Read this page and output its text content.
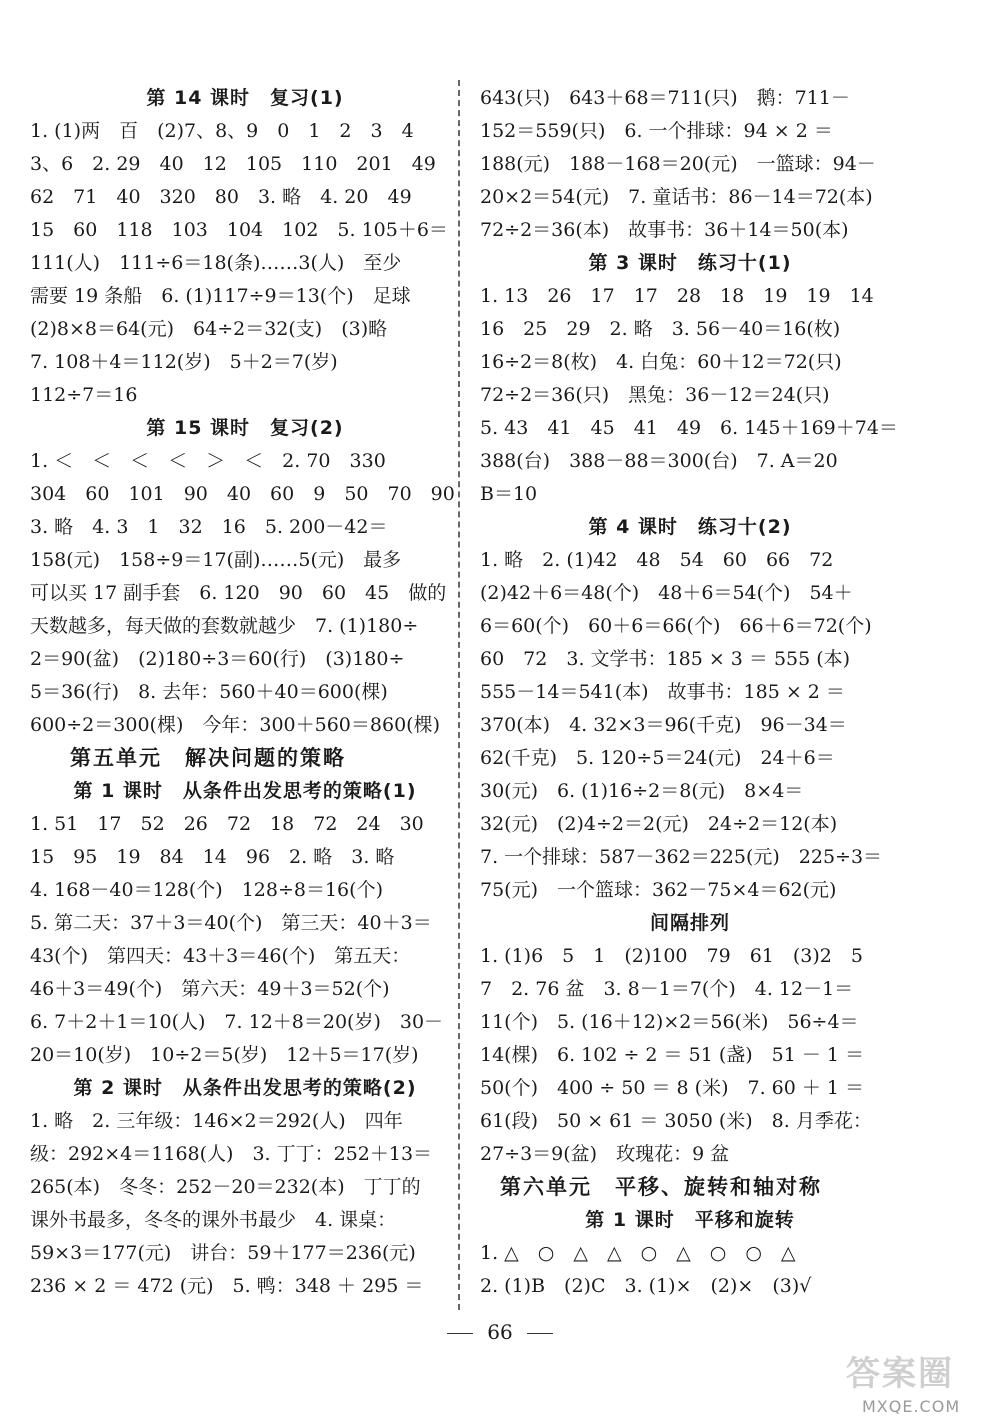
第 14 课时　复习(1)
1. (1)两　百　(2)7、8、9　0　1　2　3　4
3、6　2. 29　40　12　105　110　201　49
62　71　40　320　80　3. 略　4. 20　49
15　60　118　103　104　102　5. 105＋6＝
111(人)　111÷6＝18(条)……3(人)　至少
需要 19 条船　6. (1)117÷9＝13(个)　足球
(2)8×8＝64(元)　64÷2＝32(支)　(3)略
7. 108＋4＝112(岁)　5＋2＝7(岁)
112÷7＝16
第 15 课时　复习(2)
1. ＜　＜　＜　＜　＞　＜　2. 70　330
304　60　101　90　40　60　9　50　70　90
3. 略　4. 3　1　32　16　5. 200－42＝
158(元)　158÷9＝17(副)……5(元)　最多
可以买 17 副手套　6. 120　90　60　45　做的
天数越多，每天做的套数就越少　7. (1)180÷
2＝90(盆)　(2)180÷3＝60(行)　(3)180÷
5＝36(行)　8. 去年：560＋40＝600(棵)
600÷2＝300(棵)　今年：300＋560＝860(棵)
第五单元　解决问题的策略
第 1 课时　从条件出发思考的策略(1)
1. 51　17　52　26　72　18　72　24　30
15　95　19　84　14　96　2. 略　3. 略
4. 168－40＝128(个)　128÷8＝16(个)
5. 第二天：37＋3＝40(个)　第三天：40＋3＝
43(个)　第四天：43＋3＝46(个)　第五天：
46＋3＝49(个)　第六天：49＋3＝52(个)
6. 7＋2＋1＝10(人)　7. 12＋8＝20(岁)　30－
20＝10(岁)　10÷2＝5(岁)　12＋5＝17(岁)
第 2 课时　从条件出发思考的策略(2)
1. 略　2. 三年级：146×2＝292(人)　四年
级：292×4＝1168(人)　3. 丁丁：252＋13＝
265(本)　冬冬：252－20＝232(本)　丁丁的
课外书最多，冬冬的课外书最少　4. 课桌：
59×3＝177(元)　讲台：59＋177＝236(元)
236 × 2 ＝ 472 (元)　5. 鸭：348 ＋ 295 ＝
643(只)　643＋68＝711(只)　鹅：711－
152＝559(只)　6. 一个排球：94 × 2 ＝
188(元)　188－168＝20(元)　一篮球：94－
20×2＝54(元)　7. 童话书：86－14＝72(本)
72÷2＝36(本)　故事书：36＋14＝50(本)
第 3 课时　练习十(1)
1. 13　26　17　17　28　18　19　19　14
16　25　29　2. 略　3. 56－40＝16(枚)
16÷2＝8(枚)　4. 白兔：60＋12＝72(只)
72÷2＝36(只)　黑兔：36－12＝24(只)
5. 43　41　45　41　49　6. 145＋169＋74＝
388(台)　388－88＝300(台)　7. A＝20
B＝10
第 4 课时　练习十(2)
1. 略　2. (1)42　48　54　60　66　72
(2)42＋6＝48(个)　48＋6＝54(个)　54＋
6＝60(个)　60＋6＝66(个)　66＋6＝72(个)
60　72　3. 文学书：185 × 3 ＝ 555 (本)
555－14＝541(本)　故事书：185 × 2 ＝
370(本)　4. 32×3＝96(千克)　96－34＝
62(千克)　5. 120÷5＝24(元)　24＋6＝
30(元)　6. (1)16÷2＝8(元)　8×4＝
32(元)　(2)4÷2＝2(元)　24÷2＝12(本)
7. 一个排球：587－362＝225(元)　225÷3＝
75(元)　一个篮球：362－75×4＝62(元)
间隔排列
1. (1)6　5　1　(2)100　79　61　(3)2　5
7　2. 76 盆　3. 8－1＝7(个)　4. 12－1＝
11(个)　5. (16＋12)×2＝56(米)　56÷4＝
14(棵)　6. 102 ÷ 2 ＝ 51 (盏)　51 － 1 ＝
50(个)　400 ÷ 50 ＝ 8 (米)　7. 60 ＋ 1 ＝
61(段)　50 × 61 ＝ 3050 (米)　8. 月季花：
27÷3＝9(盆)　玫瑰花：9 盆
第六单元　平移、旋转和轴对称
第 1 课时　平移和旋转
1. △　○　△　△　○　△　○　○　△
2. (1)B　(2)C　3. (1)×　(2)×　(3)√
66
答案圈
MXQE.COM
